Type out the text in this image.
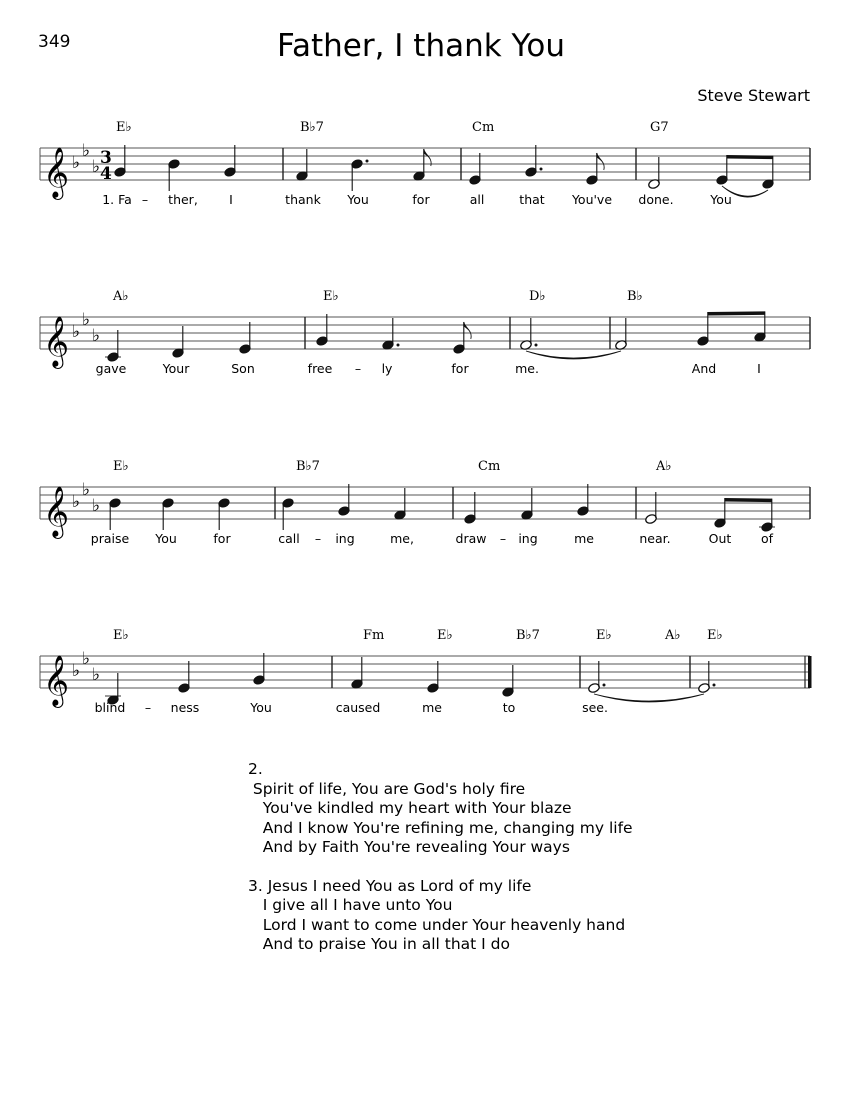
349	Father, I thank You
Steve Stewart
𝄞 ♭
♭
♭ 3
4
E♭	B♭7	Cm	G7
1. Fa – ther,	I	thank You	for	all	that You've done.	You
𝄞 ♭
♭
♭
A♭	E♭	D♭	B♭
gave	Your	Son	free – ly	for	me.	And	I
𝄞 ♭
♭
♭
E♭	B♭7	Cm	A♭
praise You	for	call – ing	me,	draw – ing	me	near.	Out of
𝄞 ♭
♭
♭
E♭	Fm	E♭	B♭7	E♭	A♭ E♭
blind – ness	You	caused	me	to	see.
2.
Spirit of life, You are God's holy fire
You've kindled my heart with Your blaze
And I know You're refining me, changing my life
And by Faith You're revealing Your ways
3. Jesus I need You as Lord of my life
I give all I have unto You
Lord I want to come under Your heavenly hand
And to praise You in all that I do
